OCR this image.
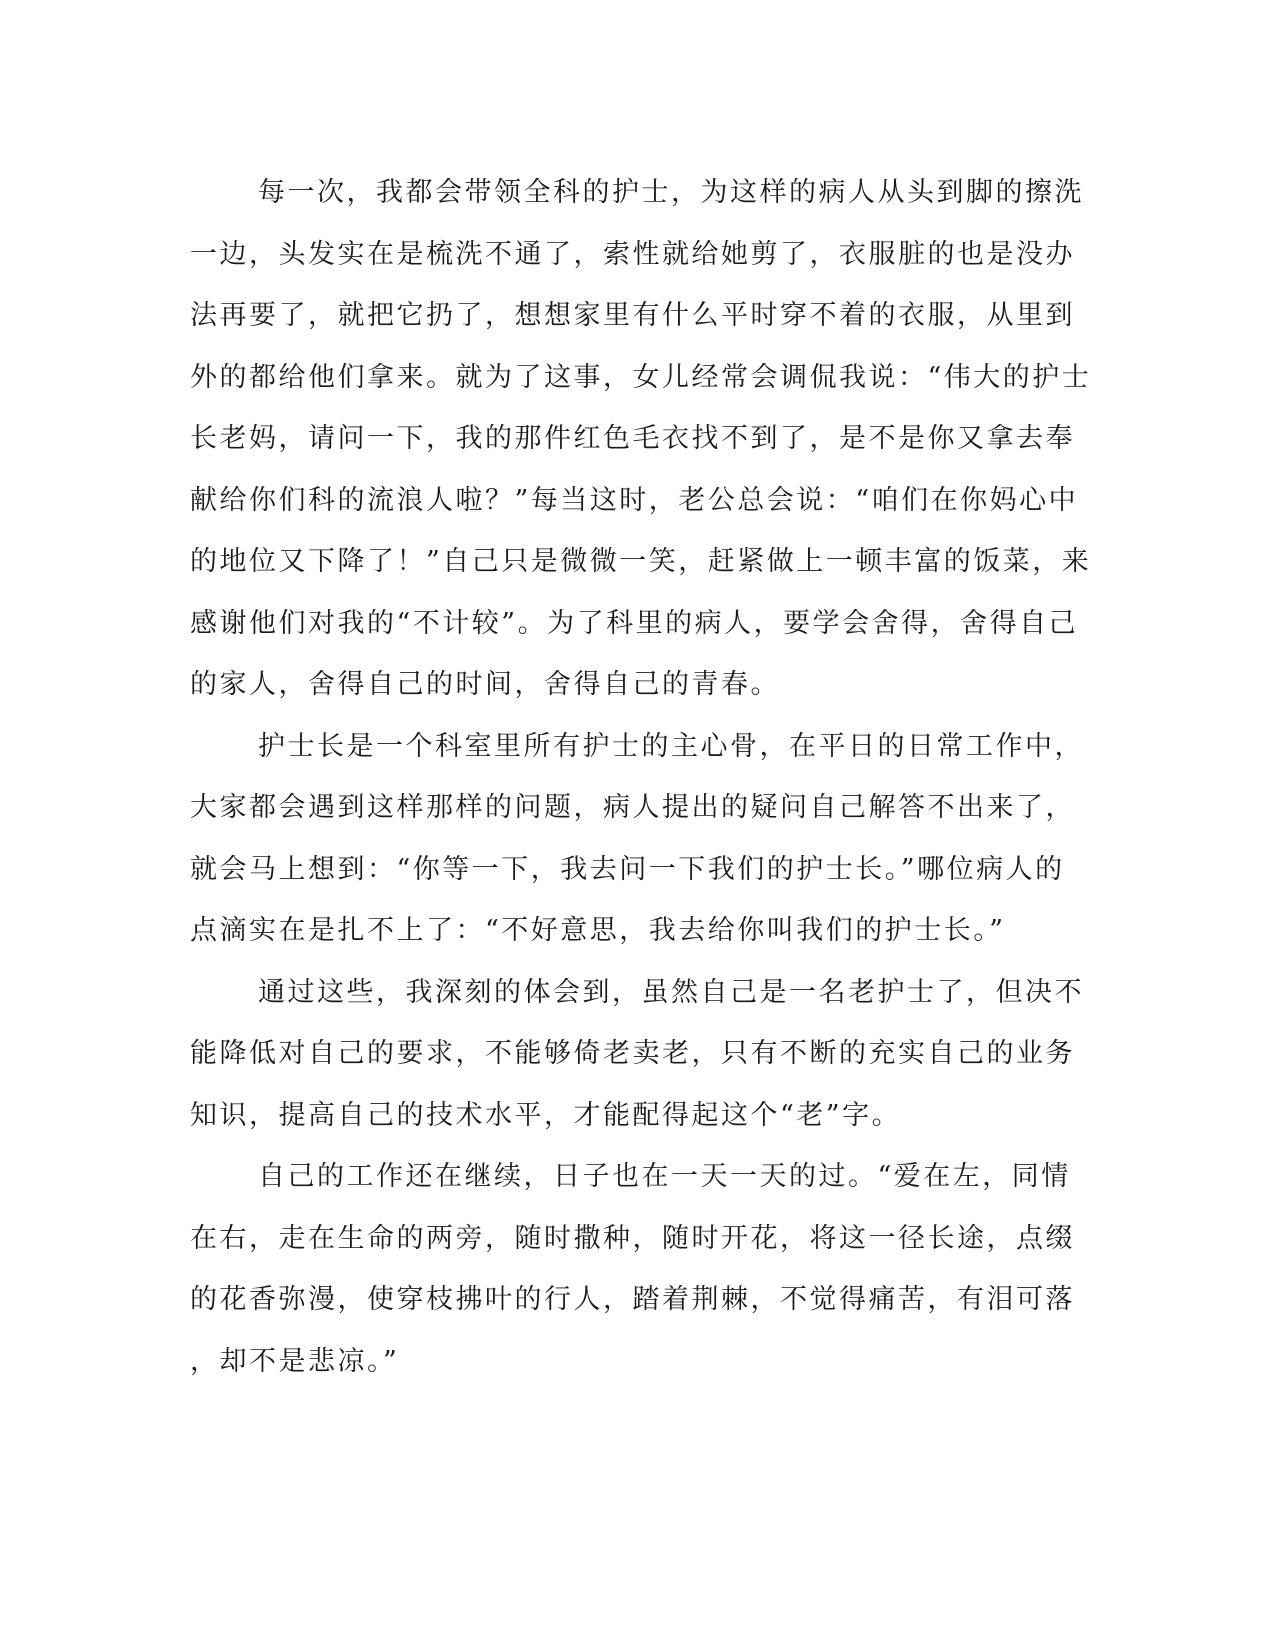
每一次，我都会带领全科的护士，为这样的病人从头到脚的擦洗
一边，头发实在是梳洗不通了，索性就给她剪了，衣服脏的也是没办
法再要了，就把它扔了，想想家里有什么平时穿不着的衣服，从里到
外的都给他们拿来。就为了这事，女儿经常会调侃我说：“伟大的护士
长老妈，请问一下，我的那件红色毛衣找不到了，是不是你又拿去奉
献给你们科的流浪人啦？”每当这时，老公总会说：“咱们在你妈心中
的地位又下降了！”自己只是微微一笑，赶紧做上一顿丰富的饭菜，来
感谢他们对我的“不计较”。为了科里的病人，要学会舍得，舍得自己
的家人，舍得自己的时间，舍得自己的青春。
护士长是一个科室里所有护士的主心骨，在平日的日常工作中，
大家都会遇到这样那样的问题，病人提出的疑问自己解答不出来了，
就会马上想到：“你等一下，我去问一下我们的护士长。”哪位病人的
点滴实在是扎不上了：“不好意思，我去给你叫我们的护士长。”
通过这些，我深刻的体会到，虽然自己是一名老护士了，但决不
能降低对自己的要求，不能够倚老卖老，只有不断的充实自己的业务
知识，提高自己的技术水平，才能配得起这个“老”字。
自己的工作还在继续，日子也在一天一天的过。“爱在左，同情
在右，走在生命的两旁，随时撒种，随时开花，将这一径长途，点缀
的花香弥漫，使穿枝拂叶的行人，踏着荆棘，不觉得痛苦，有泪可落
，却不是悲凉。”
